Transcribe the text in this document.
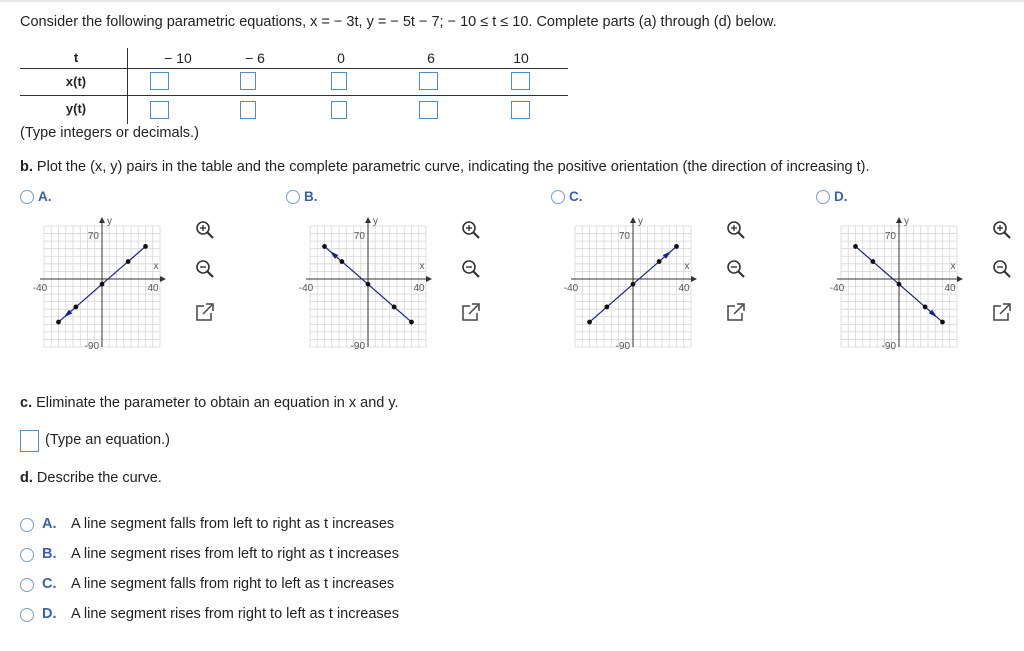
Consider the following parametric equations, x = − 3t, y = − 5t − 7; − 10 ≤ t ≤ 10. Complete parts (a) through (d) below.
t	− 10	− 6	0	6	10
x(t)
y(t)
(Type integers or decimals.)
b. Plot the (x, y) pairs in the table and the complete parametric curve, indicating the positive orientation (the direction of increasing t).
A.	B.	C.	D.
y
x
70
-90
-40	40
y
x
70
-90
-40	40
y
x
70
-90
-40	40
y
x
70
-90
-40	40
c. Eliminate the parameter to obtain an equation in x and y.
(Type an equation.)
d. Describe the curve.
A. A line segment falls from left to right as t increases
B. A line segment rises from left to right as t increases
C. A line segment falls from right to left as t increases
D. A line segment rises from right to left as t increases
